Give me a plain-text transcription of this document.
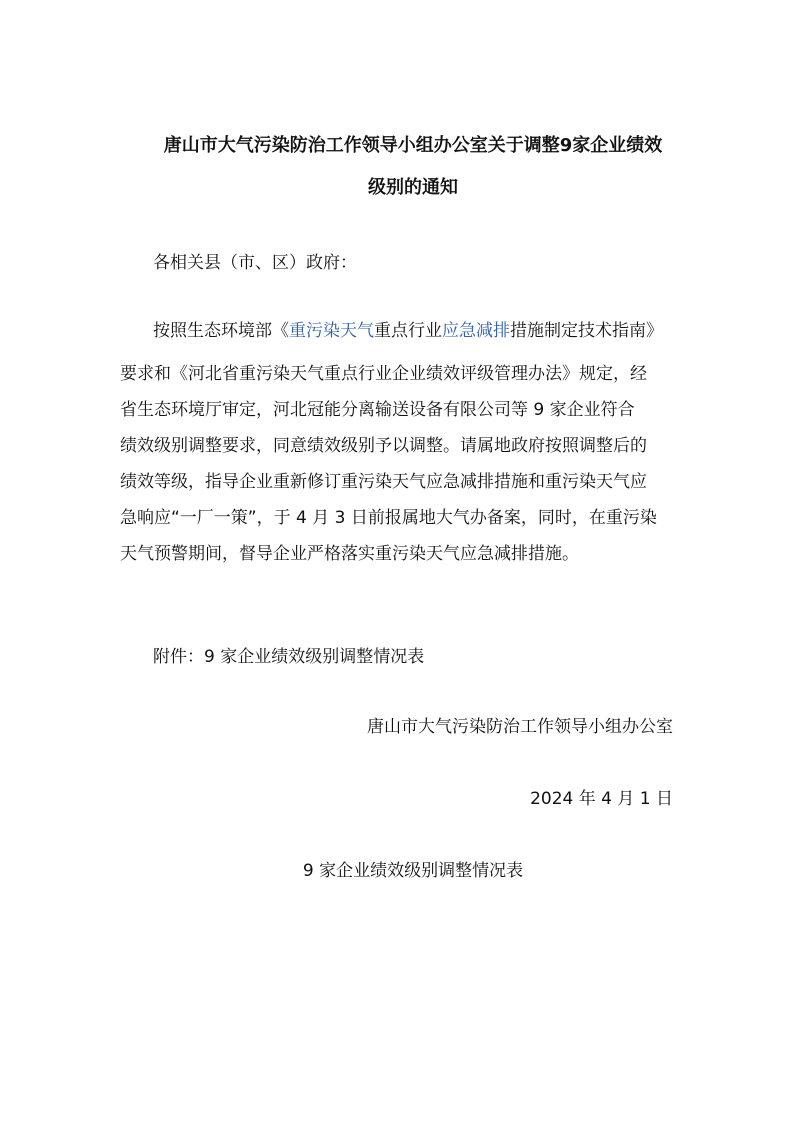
唐山市大气污染防治工作领导小组办公室关于调整9家企业绩效
级别的通知
各相关县（市、区）政府：
按照生态环境部《重污染天气重点行业应急减排措施制定技术指南》
要求和《河北省重污染天气重点行业企业绩效评级管理办法》规定，经
省生态环境厅审定，河北冠能分离输送设备有限公司等 9 家企业符合
绩效级别调整要求，同意绩效级别予以调整。请属地政府按照调整后的
绩效等级，指导企业重新修订重污染天气应急减排措施和重污染天气应
急响应“一厂一策”，于 4 月 3 日前报属地大气办备案，同时，在重污染
天气预警期间，督导企业严格落实重污染天气应急减排措施。
附件：9 家企业绩效级别调整情况表
唐山市大气污染防治工作领导小组办公室
2024 年 4 月 1 日
9 家企业绩效级别调整情况表
